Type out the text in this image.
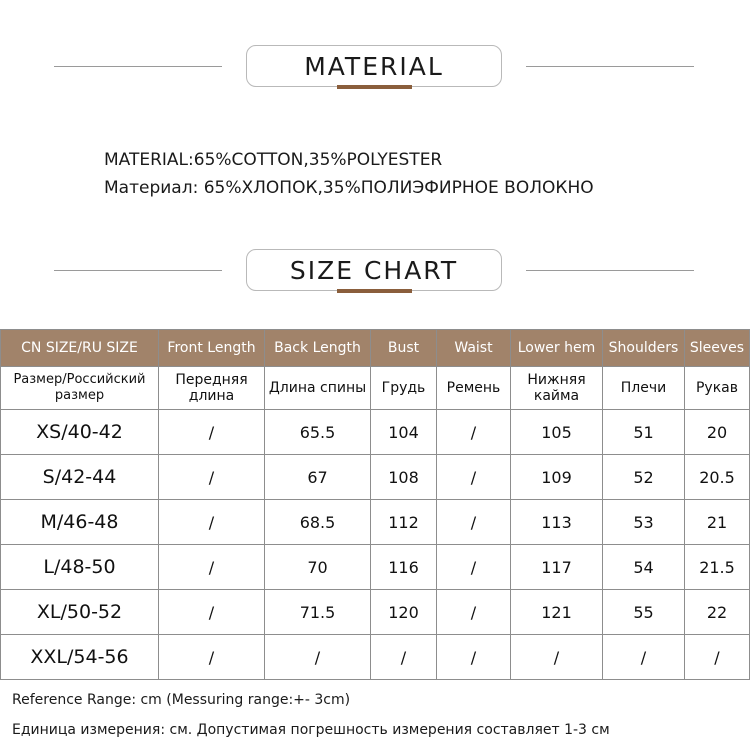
MATERIAL
MATERIAL:65%COTTON,35%POLYESTER
Материал: 65%ХЛОПОК,35%ПОЛИЭФИРНОЕ ВОЛОКНО
SIZE CHART
CN SIZE/RU SIZE	Front Length	Back Length	Bust	Waist	Lower hem	Shoulders	Sleeves
Размер/Российский размер	Передняя длина	Длина спины	Грудь	Ремень	Нижняя кайма	Плечи	Рукав
XS/40-42	/	65.5	104	/	105	51	20
S/42-44	/	67	108	/	109	52	20.5
M/46-48	/	68.5	112	/	113	53	21
L/48-50	/	70	116	/	117	54	21.5
XL/50-52	/	71.5	120	/	121	55	22
XXL/54-56	/	/	/	/	/	/	/
Reference Range: cm (Messuring range:+- 3cm)
Единица измерения: см. Допустимая погрешность измерения составляет 1-3 см
